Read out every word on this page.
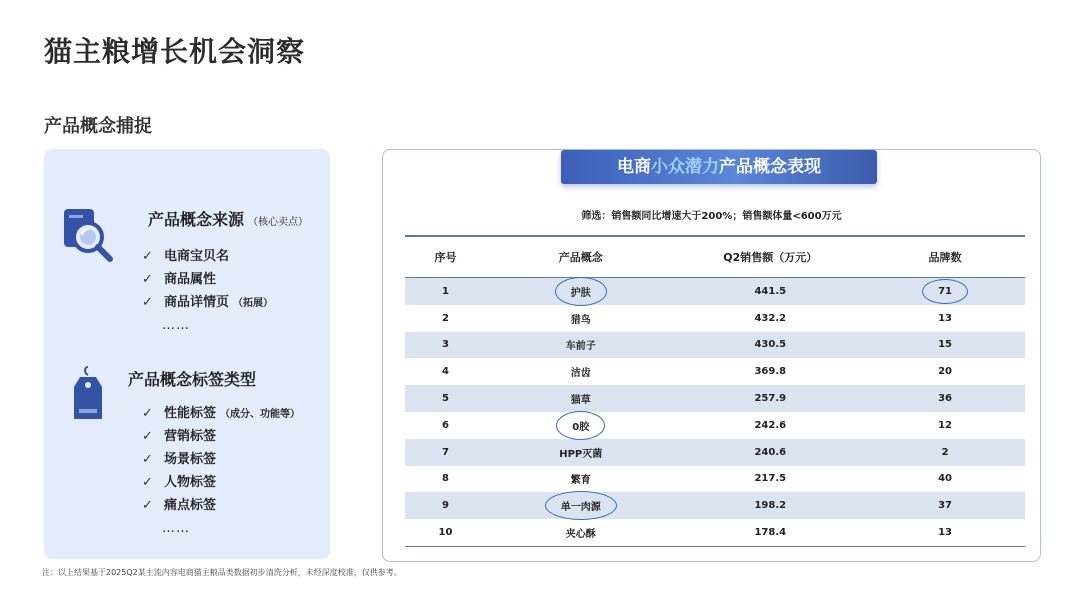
猫主粮增长机会洞察
产品概念捕捉
产品概念来源 （核心卖点）
✓ 电商宝贝名
✓ 商品属性
✓ 商品详情页 （拓展）
……
产品概念标签类型
✓ 性能标签 （成分、功能等）
✓ 营销标签
✓ 场景标签
✓ 人物标签
✓ 痛点标签
……
电商小众潜力产品概念表现
筛选：销售额同比增速大于200%；销售额体量<600万元
序号	产品概念	Q2销售额（万元）	品牌数
1	护肤	441.5	71
2	猎鸟	432.2	13
3	车前子	430.5	15
4	洁齿	369.8	20
5	猫草	257.9	36
6	0胶	242.6	12
7	HPP灭菌	240.6	2
8	繁育	217.5	40
9	单一肉源	198.2	37
10	夹心酥	178.4	13
注：以上结果基于2025Q2某主流内容电商猫主粮品类数据初步清洗分析，未经深度校准，仅供参考。
